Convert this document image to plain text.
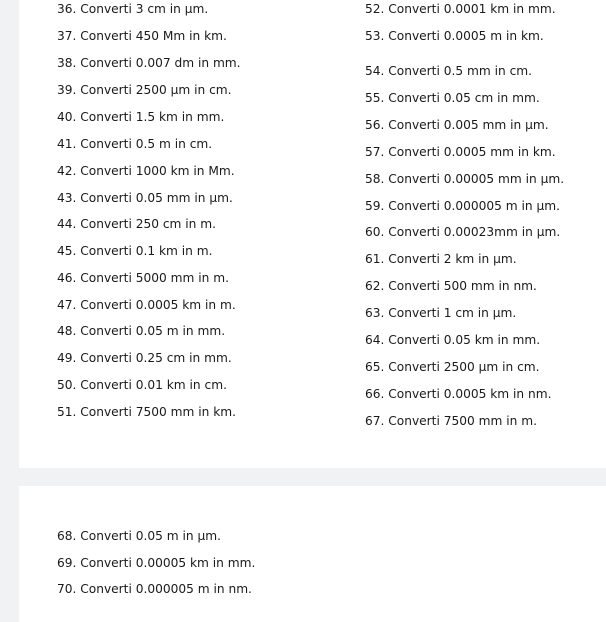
36. Converti 3 cm in μm.

37. Converti 450 Mm in km.

38. Converti 0.007 dm in mm.

39. Converti 2500 μm in cm.

40. Converti 1.5 km in mm.

41. Converti 0.5 m in cm.

42. Converti 1000 km in Mm.

43. Converti 0.05 mm in μm.

44. Converti 250 cm in m.

45. Converti 0.1 km in m.

46. Converti 5000 mm in m.

47. Converti 0.0005 km in m.

48. Converti 0.05 m in mm.

49. Converti 0.25 cm in mm.

50. Converti 0.01 km in cm.

51. Converti 7500 mm in km.

52. Converti 0.0001 km in mm.

53. Converti 0.0005 m in km.

54. Converti 0.5 mm in cm.

55. Converti 0.05 cm in mm.

56. Converti 0.005 mm in μm.

57. Converti 0.0005 mm in km.

58. Converti 0.00005 mm in μm.

59. Converti 0.000005 m in μm.

60. Converti 0.00023mm in μm.

61. Converti 2 km in μm.

62. Converti 500 mm in nm.

63. Converti 1 cm in μm.

64. Converti 0.05 km in mm.

65. Converti 2500 μm in cm.

66. Converti 0.0005 km in nm.

67. Converti 7500 mm in m.

68. Converti 0.05 m in μm.

69. Converti 0.00005 km in mm.

70. Converti 0.000005 m in nm.
